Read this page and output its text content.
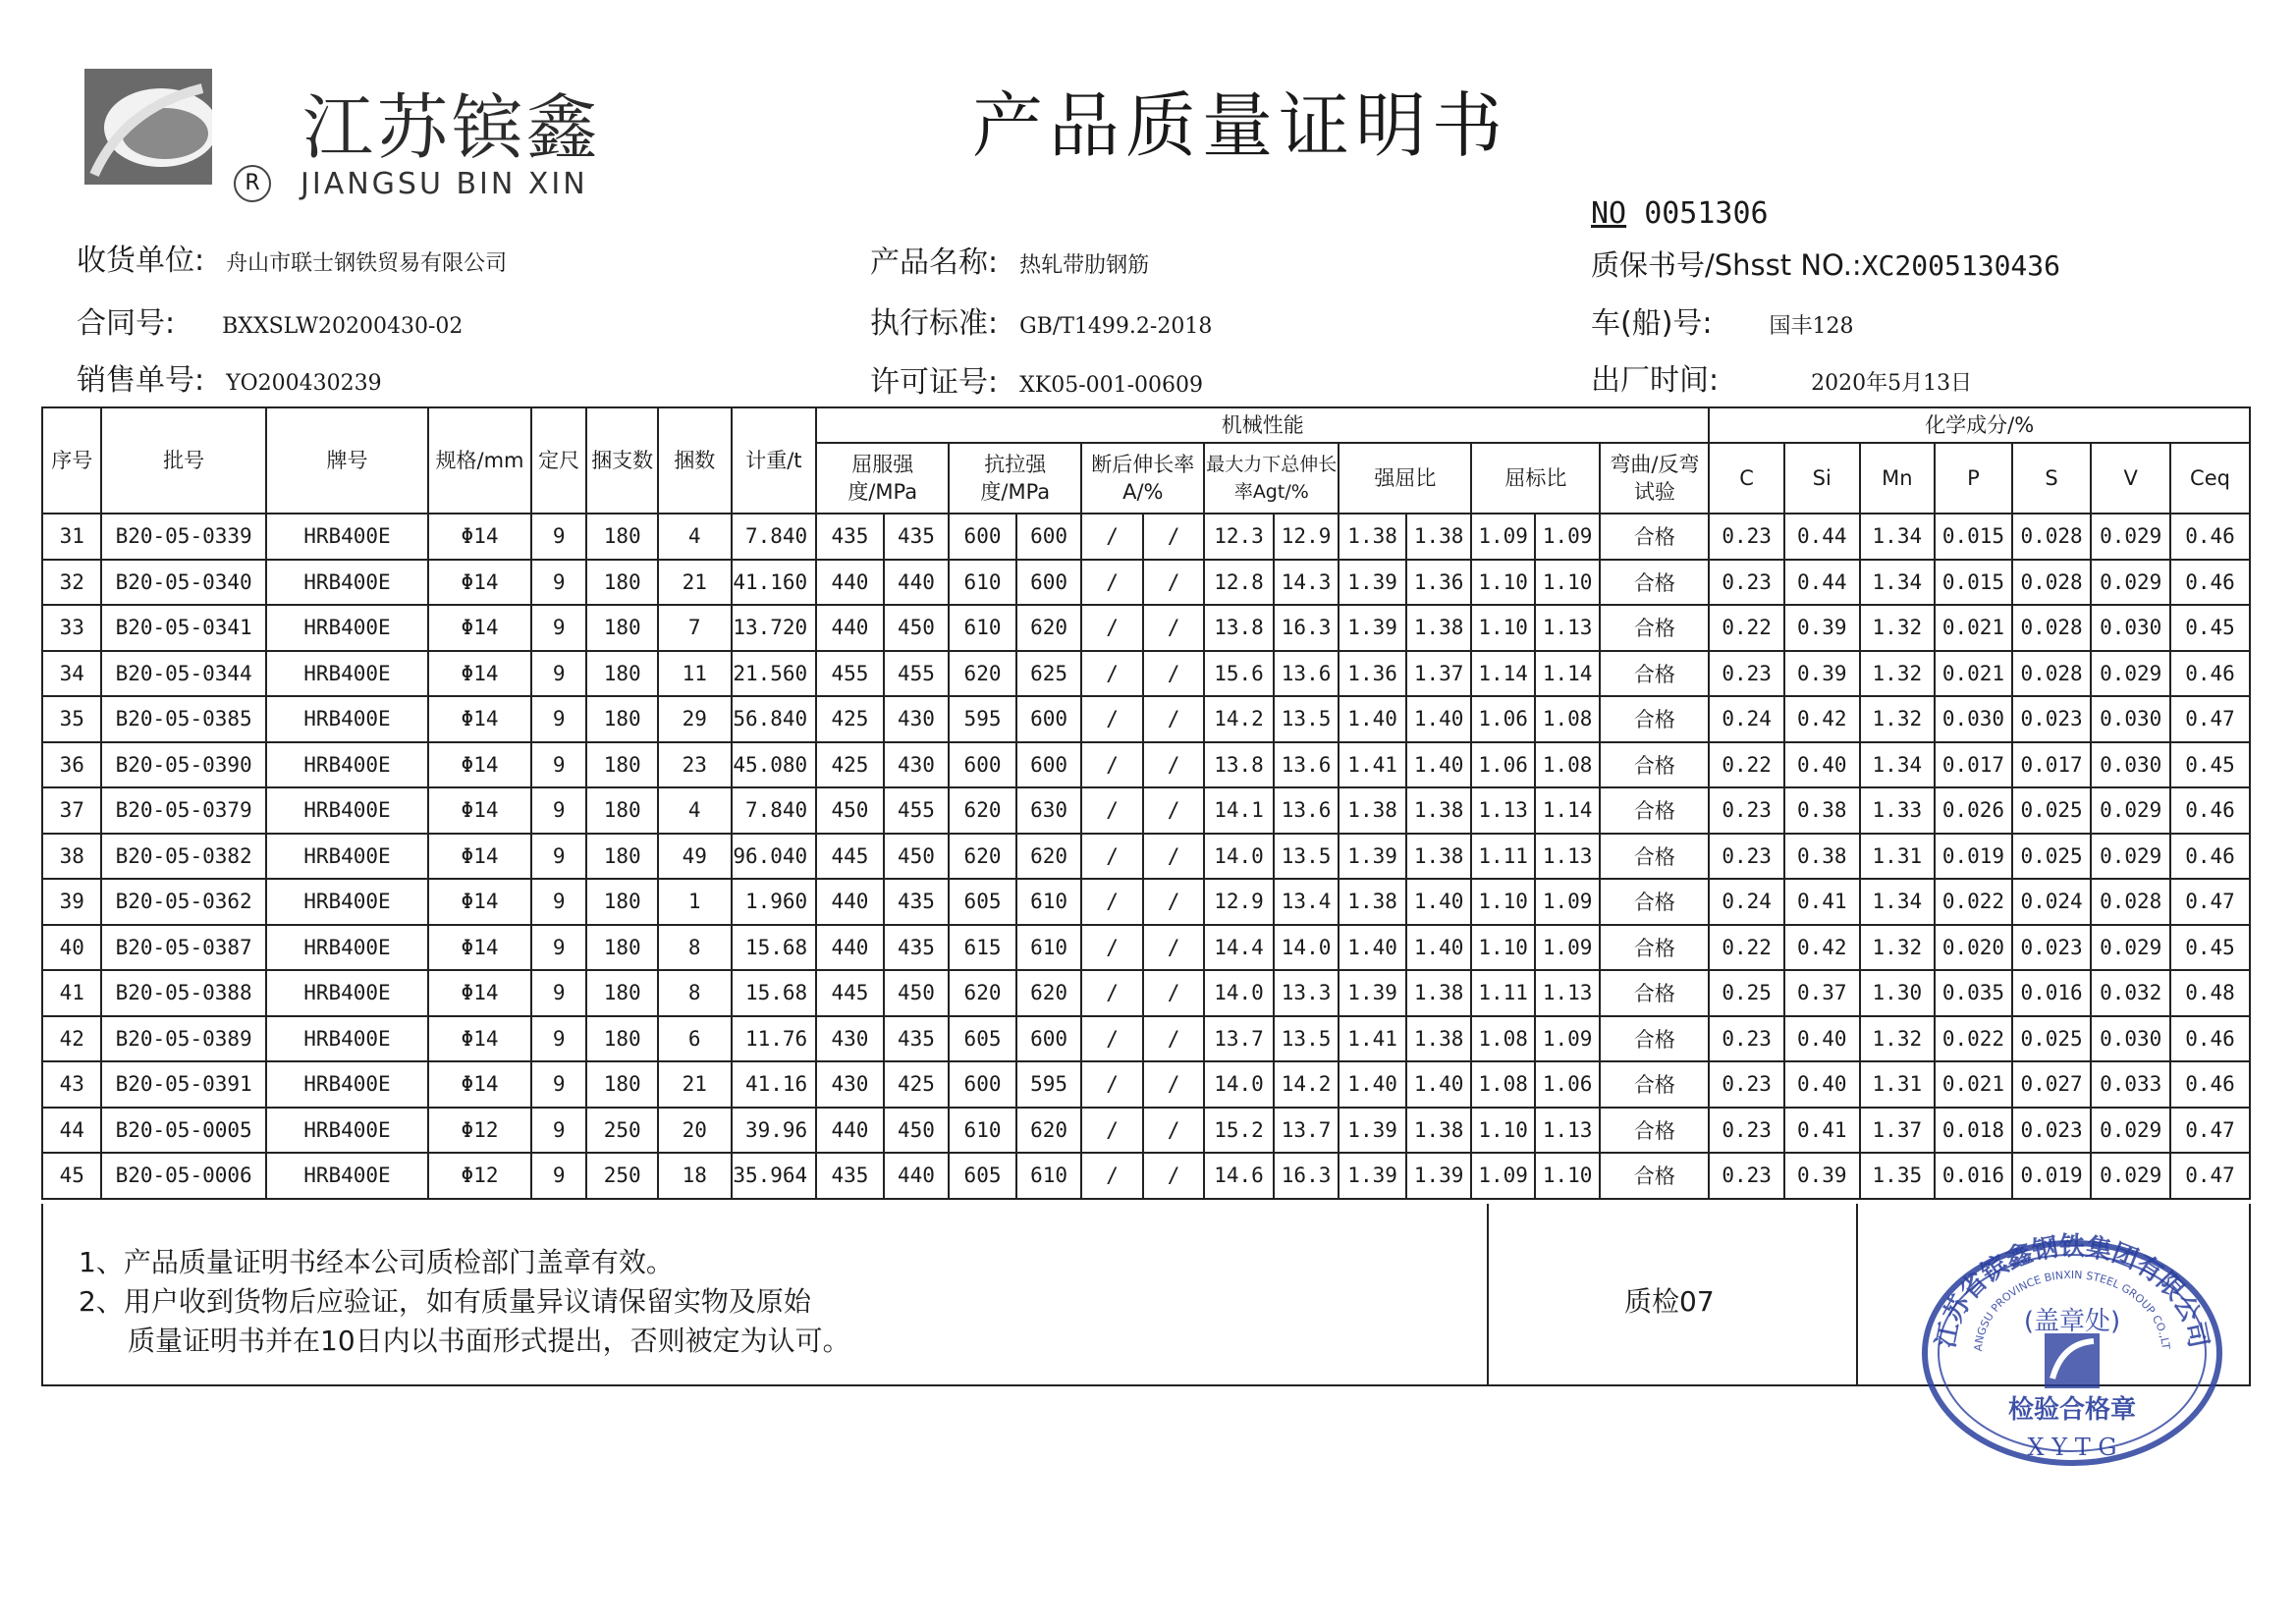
江苏镔鑫
R	JIANGSU BIN XIN
产品质量证明书
NO 0051306
质保书号/Shsst NO.:XC2005130436
收货单位: 舟山市联士钢铁贸易有限公司
合同号: BXXSLW20200430-02
销售单号: YO200430239
产品名称: 热轧带肋钢筋
执行标准: GB/T1499.2-2018
许可证号: XK05-001-00609
车(船)号:	国丰128
出厂时间:	2020年5月13日
序号	批号	牌号	规格/mm	定尺	捆支数	捆数	计重/t	机械性能													化学成分/%						
								屈服强度/MPa		抗拉强度/MPa		断后伸长率A/%		最大力下总伸长率Agt/%		强屈比		屈标比		弯曲/反弯试验	C	Si	Mn	P	S	V	Ceq
31	B20-05-0339	HRB400E	Φ14	9	180	4	7.840	435	435	600	600	/	/	12.3	12.9	1.38	1.38	1.09	1.09	合格	0.23	0.44	1.34	0.015	0.028	0.029	0.46
32	B20-05-0340	HRB400E	Φ14	9	180	21	41.160	440	440	610	600	/	/	12.8	14.3	1.39	1.36	1.10	1.10	合格	0.23	0.44	1.34	0.015	0.028	0.029	0.46
33	B20-05-0341	HRB400E	Φ14	9	180	7	13.720	440	450	610	620	/	/	13.8	16.3	1.39	1.38	1.10	1.13	合格	0.22	0.39	1.32	0.021	0.028	0.030	0.45
34	B20-05-0344	HRB400E	Φ14	9	180	11	21.560	455	455	620	625	/	/	15.6	13.6	1.36	1.37	1.14	1.14	合格	0.23	0.39	1.32	0.021	0.028	0.029	0.46
35	B20-05-0385	HRB400E	Φ14	9	180	29	56.840	425	430	595	600	/	/	14.2	13.5	1.40	1.40	1.06	1.08	合格	0.24	0.42	1.32	0.030	0.023	0.030	0.47
36	B20-05-0390	HRB400E	Φ14	9	180	23	45.080	425	430	600	600	/	/	13.8	13.6	1.41	1.40	1.06	1.08	合格	0.22	0.40	1.34	0.017	0.017	0.030	0.45
37	B20-05-0379	HRB400E	Φ14	9	180	4	7.840	450	455	620	630	/	/	14.1	13.6	1.38	1.38	1.13	1.14	合格	0.23	0.38	1.33	0.026	0.025	0.029	0.46
38	B20-05-0382	HRB400E	Φ14	9	180	49	96.040	445	450	620	620	/	/	14.0	13.5	1.39	1.38	1.11	1.13	合格	0.23	0.38	1.31	0.019	0.025	0.029	0.46
39	B20-05-0362	HRB400E	Φ14	9	180	1	1.960	440	435	605	610	/	/	12.9	13.4	1.38	1.40	1.10	1.09	合格	0.24	0.41	1.34	0.022	0.024	0.028	0.47
40	B20-05-0387	HRB400E	Φ14	9	180	8	15.68	440	435	615	610	/	/	14.4	14.0	1.40	1.40	1.10	1.09	合格	0.22	0.42	1.32	0.020	0.023	0.029	0.45
41	B20-05-0388	HRB400E	Φ14	9	180	8	15.68	445	450	620	620	/	/	14.0	13.3	1.39	1.38	1.11	1.13	合格	0.25	0.37	1.30	0.035	0.016	0.032	0.48
42	B20-05-0389	HRB400E	Φ14	9	180	6	11.76	430	435	605	600	/	/	13.7	13.5	1.41	1.38	1.08	1.09	合格	0.23	0.40	1.32	0.022	0.025	0.030	0.46
43	B20-05-0391	HRB400E	Φ14	9	180	21	41.16	430	425	600	595	/	/	14.0	14.2	1.40	1.40	1.08	1.06	合格	0.23	0.40	1.31	0.021	0.027	0.033	0.46
44	B20-05-0005	HRB400E	Φ12	9	250	20	39.96	440	450	610	620	/	/	15.2	13.7	1.39	1.38	1.10	1.13	合格	0.23	0.41	1.37	0.018	0.023	0.029	0.47
45	B20-05-0006	HRB400E	Φ12	9	250	18	35.964	435	440	605	610	/	/	14.6	16.3	1.39	1.39	1.09	1.10	合格	0.23	0.39	1.35	0.016	0.019	0.029	0.47
1、产品质量证明书经本公司质检部门盖章有效。
2、用户收到货物后应验证，如有质量异议请保留实物及原始
质量证明书并在10日内以书面形式提出，否则被定为认可。
质检07
江苏省镔鑫钢铁集团有限公司
ANGSU PROVINCE BINXIN STEEL GROUP CO.,LT
(盖章处)
检验合格章
X Y T G
